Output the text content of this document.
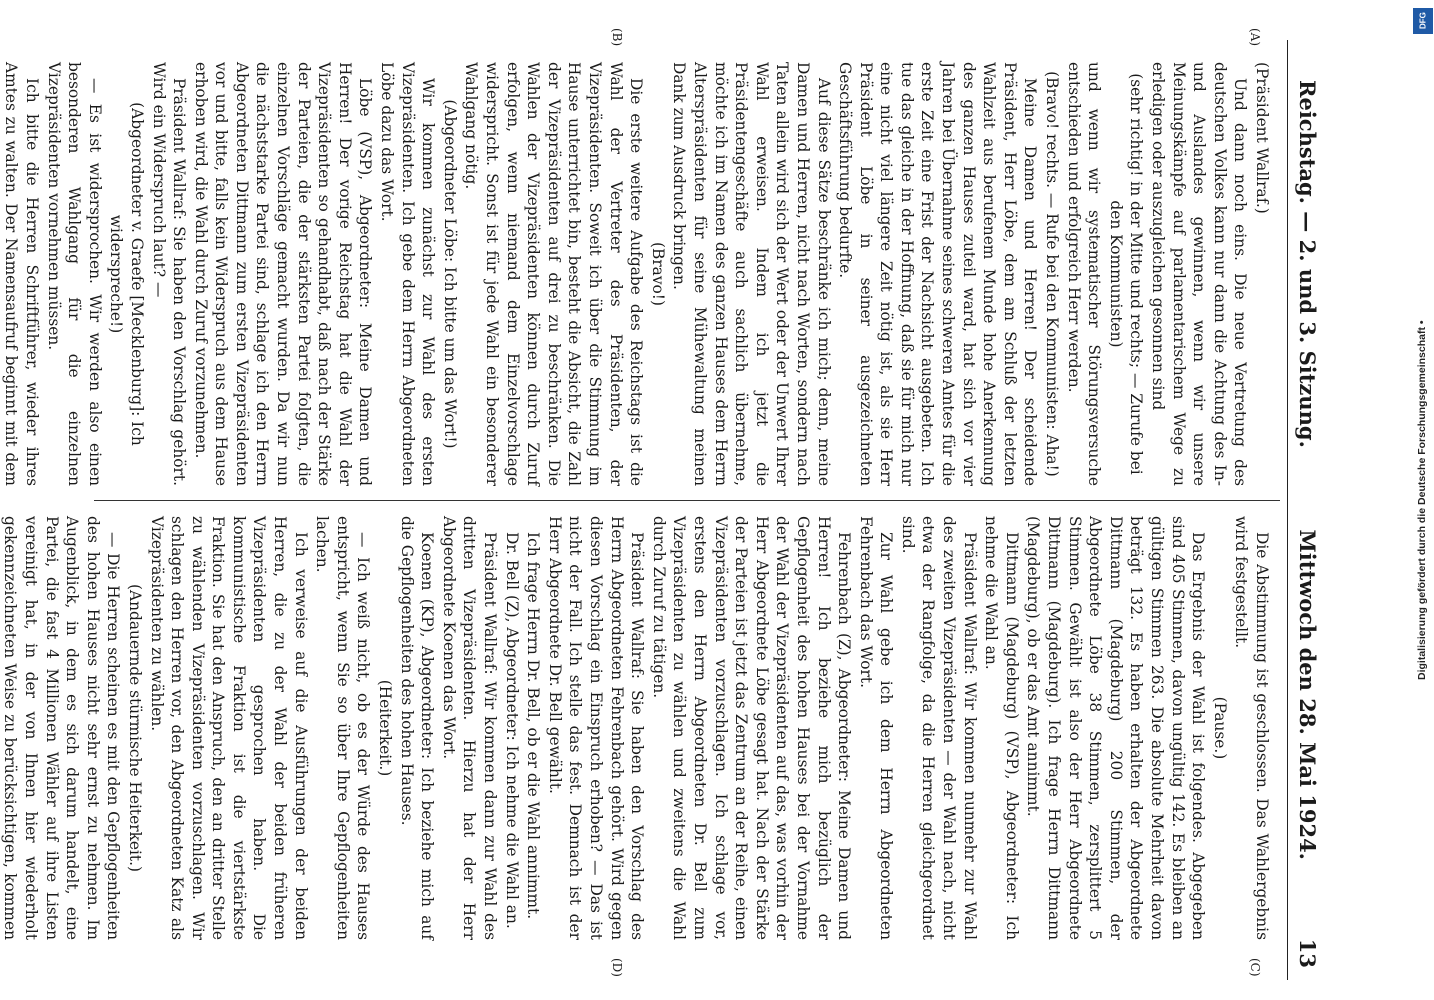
Reichstag. — 2. und 3. Sitzung.
Mittwoch den 28. Mai 1924.
13
(A)
(B)
(C)
(D)

(Präsident Wallraf.)

Und dann noch eins. Die neue Vertretung des deutschen Volkes kann nur dann die Achtung des In- und Auslandes gewinnen, wenn wir unsere Meinungskämpfe auf parlamentarischem Wege zu erledigen oder auszugleichen gesonnen sind

(sehr richtig! in der Mitte und rechts; — Zurufe bei den Kommunisten)

und wenn wir systematischer Störungsversuche entschieden und erfolgreich Herr werden.

(Bravo! rechts. — Rufe bei den Kommunisten: Aha!)

Meine Damen und Herren! Der scheidende Präsident, Herr Löbe, dem am Schluß der letzten Wahlzeit aus berufenem Munde hohe Anerkennung des ganzen Hauses zuteil ward, hat sich vor vier Jahren bei Übernahme seines schweren Amtes für die erste Zeit eine Frist der Nachsicht ausgebeten. Ich tue das gleiche in der Hoffnung, daß sie für mich nur eine nicht viel längere Zeit nötig ist, als sie Herr Präsident Löbe in seiner ausgezeichneten Geschäftsführung bedurfte.

Auf diese Sätze beschränke ich mich; denn, meine Damen und Herren, nicht nach Worten, sondern nach Taten allein wird sich der Wert oder der Unwert Ihrer Wahl erweisen. Indem ich jetzt die Präsidentengeschäfte auch sachlich übernehme, möchte ich im Namen des ganzen Hauses dem Herrn Alterspräsidenten für seine Mühewaltung meinen Dank zum Ausdruck bringen.

(Bravo!)

Die erste weitere Aufgabe des Reichstags ist die Wahl der Vertreter des Präsidenten, der Vizepräsidenten. Soweit ich über die Stimmung im Hause unterrichtet bin, besteht die Absicht, die Zahl der Vizepräsidenten auf drei zu beschränken. Die Wahlen der Vizepräsidenten können durch Zuruf erfolgen, wenn niemand dem Einzelvorschlage widerspricht. Sonst ist für jede Wahl ein besonderer Wahlgang nötig.

(Abgeordneter Löbe: Ich bitte um das Wort!)

Wir kommen zunächst zur Wahl des ersten Vizepräsidenten. Ich gebe dem Herrn Abgeordneten Löbe dazu das Wort.

Löbe (VSP), Abgeordneter: Meine Damen und Herren! Der vorige Reichstag hat die Wahl der Vizepräsidenten so gehandhabt, daß nach der Stärke der Parteien, die der stärksten Partei folgten, die einzelnen Vorschläge gemacht wurden. Da wir nun die nächststarke Partei sind, schlage ich den Herrn Abgeordneten Dittmann zum ersten Vizepräsidenten vor und bitte, falls kein Widerspruch aus dem Hause erhoben wird, die Wahl durch Zuruf vorzunehmen.

Präsident Wallraf: Sie haben den Vorschlag gehört. Wird ein Widerspruch laut? —

(Abgeordneter v. Graefe [Mecklenburg]: Ich widerspreche!)

— Es ist widersprochen. Wir werden also einen besonderen Wahlgang für die einzelnen Vizepräsidenten vornehmen müssen.

Ich bitte die Herren Schriftführer, wieder ihres Amtes zu walten. Der Namensaufruf beginnt mit dem

Die Abstimmung ist geschlossen. Das Wahlergebnis wird festgestellt.

(Pause.)

Das Ergebnis der Wahl ist folgendes. Abgegeben sind 405 Stimmen, davon ungültig 142. Es bleiben an gültigen Stimmen 263. Die absolute Mehrheit davon beträgt 132. Es haben erhalten der Abgeordnete Dittmann (Magdeburg) 200 Stimmen, der Abgeordnete Löbe 38 Stimmen, zersplittert 5 Stimmen. Gewählt ist also der Herr Abgeordnete Dittmann (Magdeburg). Ich frage Herrn Dittmann (Magdeburg), ob er das Amt annimmt.

Dittmann (Magdeburg) (VSP), Abgeordneter: Ich nehme die Wahl an.

Präsident Wallraf: Wir kommen nunmehr zur Wahl des zweiten Vizepräsidenten — der Wahl nach, nicht etwa der Rangfolge, da die Herren gleichgeordnet sind.

Zur Wahl gebe ich dem Herrn Abgeordneten Fehrenbach das Wort.

Fehrenbach (Z), Abgeordneter: Meine Damen und Herren! Ich beziehe mich bezüglich der Gepflogenheit des hohen Hauses bei der Vornahme der Wahl der Vizepräsidenten auf das, was vorhin der Herr Abgeordnete Löbe gesagt hat. Nach der Stärke der Parteien ist jetzt das Zentrum an der Reihe, einen Vizepräsidenten vorzuschlagen. Ich schlage vor, erstens den Herrn Abgeordneten Dr. Bell zum Vizepräsidenten zu wählen und zweitens die Wahl durch Zuruf zu tätigen.

Präsident Wallraf: Sie haben den Vorschlag des Herrn Abgeordneten Fehrenbach gehört. Wird gegen diesen Vorschlag ein Einspruch erhoben? — Das ist nicht der Fall. Ich stelle das fest. Demnach ist der Herr Abgeordnete Dr. Bell gewählt.

Ich frage Herrn Dr. Bell, ob er die Wahl annimmt.

Dr. Bell (Z), Abgeordneter: Ich nehme die Wahl an.

Präsident Wallraf: Wir kommen dann zur Wahl des dritten Vizepräsidenten. Hierzu hat der Herr Abgeordnete Koenen das Wort.

Koenen (KP), Abgeordneter: Ich beziehe mich auf die Gepflogenheiten des hohen Hauses.

(Heiterkeit.)

— Ich weiß nicht, ob es der Würde des Hauses entspricht, wenn Sie so über Ihre Gepflogenheiten lachen.

Ich verweise auf die Ausführungen der beiden Herren, die zu der Wahl der beiden früheren Vizepräsidenten gesprochen haben. Die kommunistische Fraktion ist die viertstärkste Fraktion. Sie hat den Anspruch, den an dritter Stelle zu wählenden Vizepräsidenten vorzuschlagen. Wir schlagen den Herren vor, den Abgeordneten Katz als Vizepräsidenten zu wählen.

(Andauernde stürmische Heiterkeit.)

— Die Herren scheinen es mit den Gepflogenheiten des hohen Hauses nicht sehr ernst zu nehmen. Im Augenblick, in dem es sich darum handelt, eine Partei, die fast 4 Millionen Wähler auf ihre Listen vereinigt hat, in der von Ihnen hier wiederholt gekennzeichneten Weise zu berücksichtigen, kommen

DFG
Digitalisierung gefördert durch die Deutsche Forschungsgemeinschaft •
